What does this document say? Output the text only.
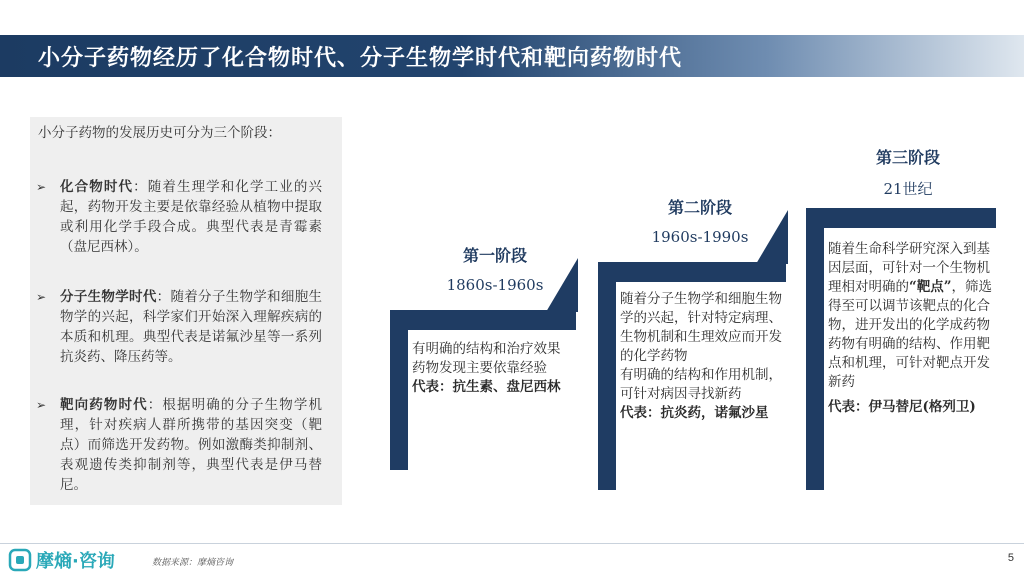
小分子药物经历了化合物时代、分子生物学时代和靶向药物时代
小分子药物的发展历史可分为三个阶段：
➢ 化合物时代：随着生理学和化学工业的兴起，药物开发主要是依靠经验从植物中提取或利用化学手段合成。典型代表是青霉素（盘尼西林）。
➢ 分子生物学时代：随着分子生物学和细胞生物学的兴起，科学家们开始深入理解疾病的本质和机理。典型代表是诺氟沙星等一系列抗炎药、降压药等。
➢ 靶向药物时代：根据明确的分子生物学机理，针对疾病人群所携带的基因突变（靶点）而筛选开发药物。例如激酶类抑制剂、表观遗传类抑制剂等，典型代表是伊马替尼。
第一阶段
1860s-1960s
有明确的结构和治疗效果
药物发现主要依靠经验
代表：抗生素、盘尼西林
第二阶段
1960s-1990s
随着分子生物学和细胞生物学的兴起，针对特定病理、生物机制和生理效应而开发的化学药物
有明确的结构和作用机制，可针对病因寻找新药
代表：抗炎药，诺氟沙星
第三阶段
21世纪
随着生命科学研究深入到基因层面，可针对一个生物机理相对明确的“靶点”，筛选得至可以调节该靶点的化合物，进开发出的化学成药物
药物有明确的结构、作用靶点和机理，可针对靶点开发新药
代表：伊马替尼(格列卫)
摩熵·咨询	数据来源：摩熵咨询	5
